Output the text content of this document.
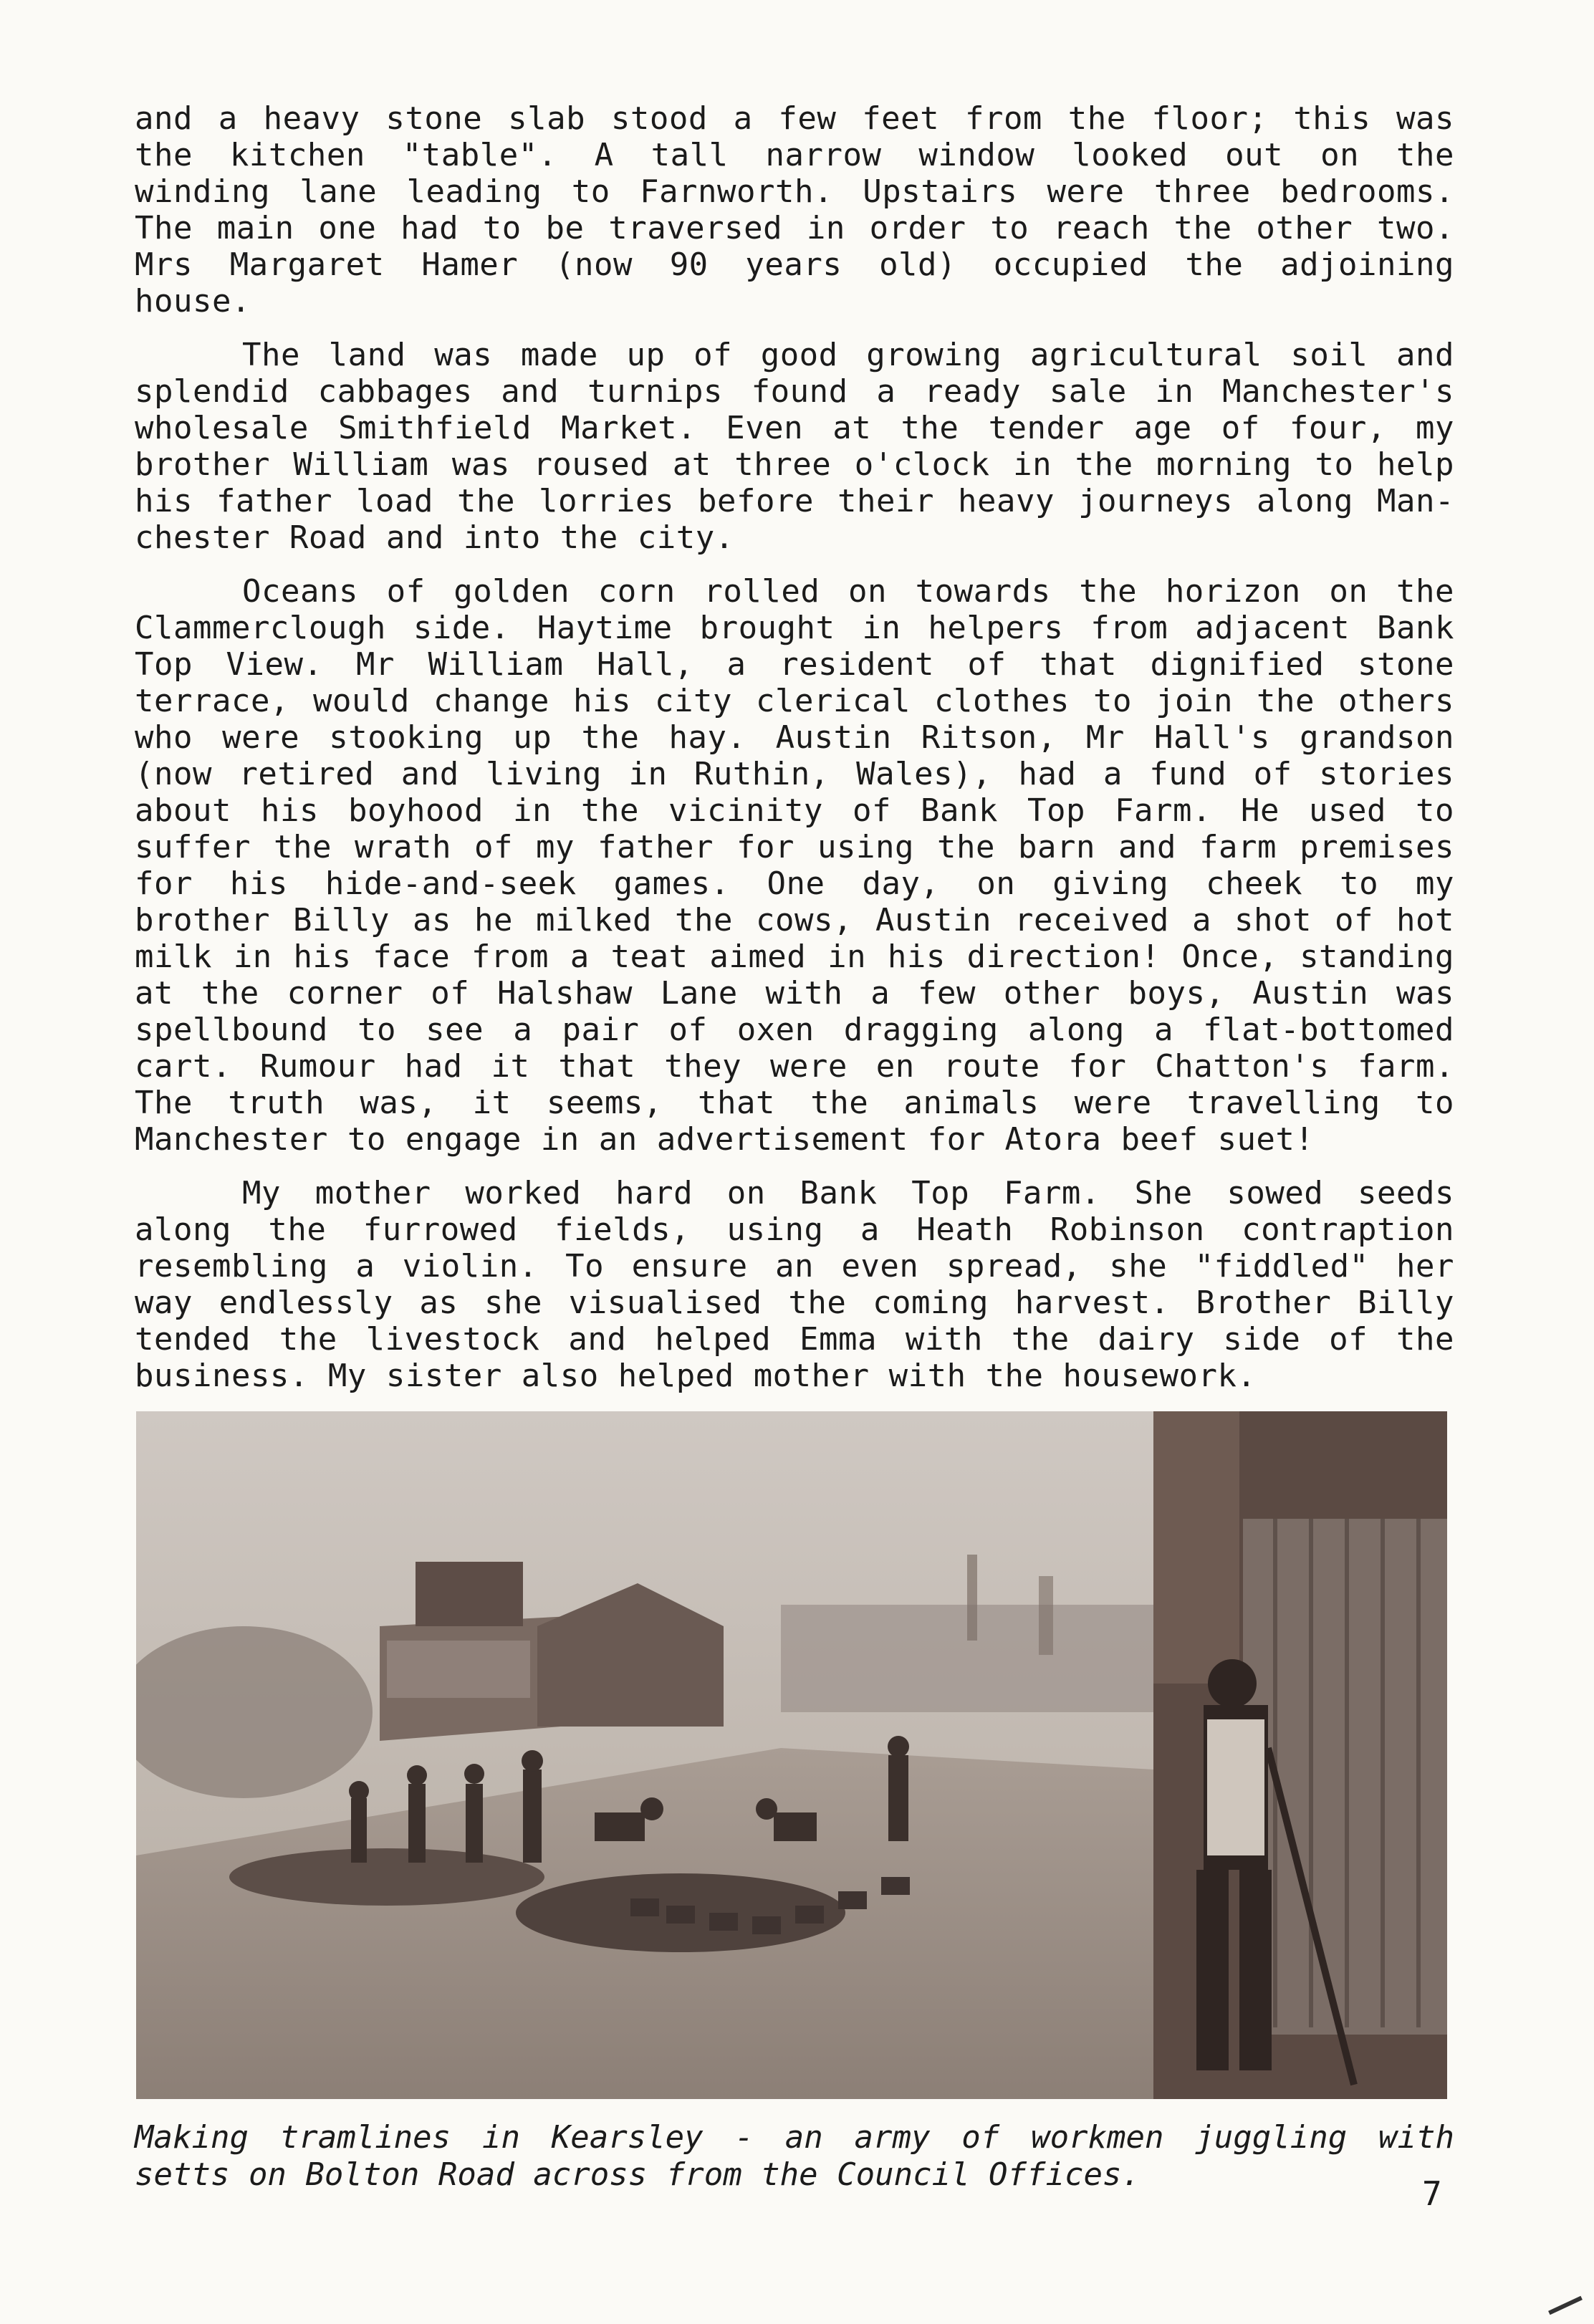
and a heavy stone slab stood a few feet from the floor; this was
the kitchen "table". A tall narrow window looked out on the
winding lane leading to Farnworth. Upstairs were three bedrooms.
The main one had to be traversed in order to reach the other two.
Mrs Margaret Hamer (now 90 years old) occupied the adjoining
house.
The land was made up of good growing agricultural soil and
splendid cabbages and turnips found a ready sale in Manchester's
wholesale Smithfield Market. Even at the tender age of four, my
brother William was roused at three o'clock in the morning to help
his father load the lorries before their heavy journeys along Man-
chester Road and into the city.
Oceans of golden corn rolled on towards the horizon on the
Clammerclough side. Haytime brought in helpers from adjacent Bank
Top View. Mr William Hall, a resident of that dignified stone
terrace, would change his city clerical clothes to join the others
who were stooking up the hay. Austin Ritson, Mr Hall's grandson
(now retired and living in Ruthin, Wales), had a fund of stories
about his boyhood in the vicinity of Bank Top Farm. He used to
suffer the wrath of my father for using the barn and farm premises
for his hide-and-seek games. One day, on giving cheek to my
brother Billy as he milked the cows, Austin received a shot of hot
milk in his face from a teat aimed in his direction! Once, standing
at the corner of Halshaw Lane with a few other boys, Austin was
spellbound to see a pair of oxen dragging along a flat-bottomed
cart. Rumour had it that they were en route for Chatton's farm.
The truth was, it seems, that the animals were travelling to
Manchester to engage in an advertisement for Atora beef suet!
My mother worked hard on Bank Top Farm. She sowed seeds
along the furrowed fields, using a Heath Robinson contraption
resembling a violin. To ensure an even spread, she "fiddled" her
way endlessly as she visualised the coming harvest. Brother Billy
tended the livestock and helped Emma with the dairy side of the
business. My sister also helped mother with the housework.
Making tramlines in Kearsley - an army of workmen juggling with
setts on Bolton Road across from the Council Offices.	7
